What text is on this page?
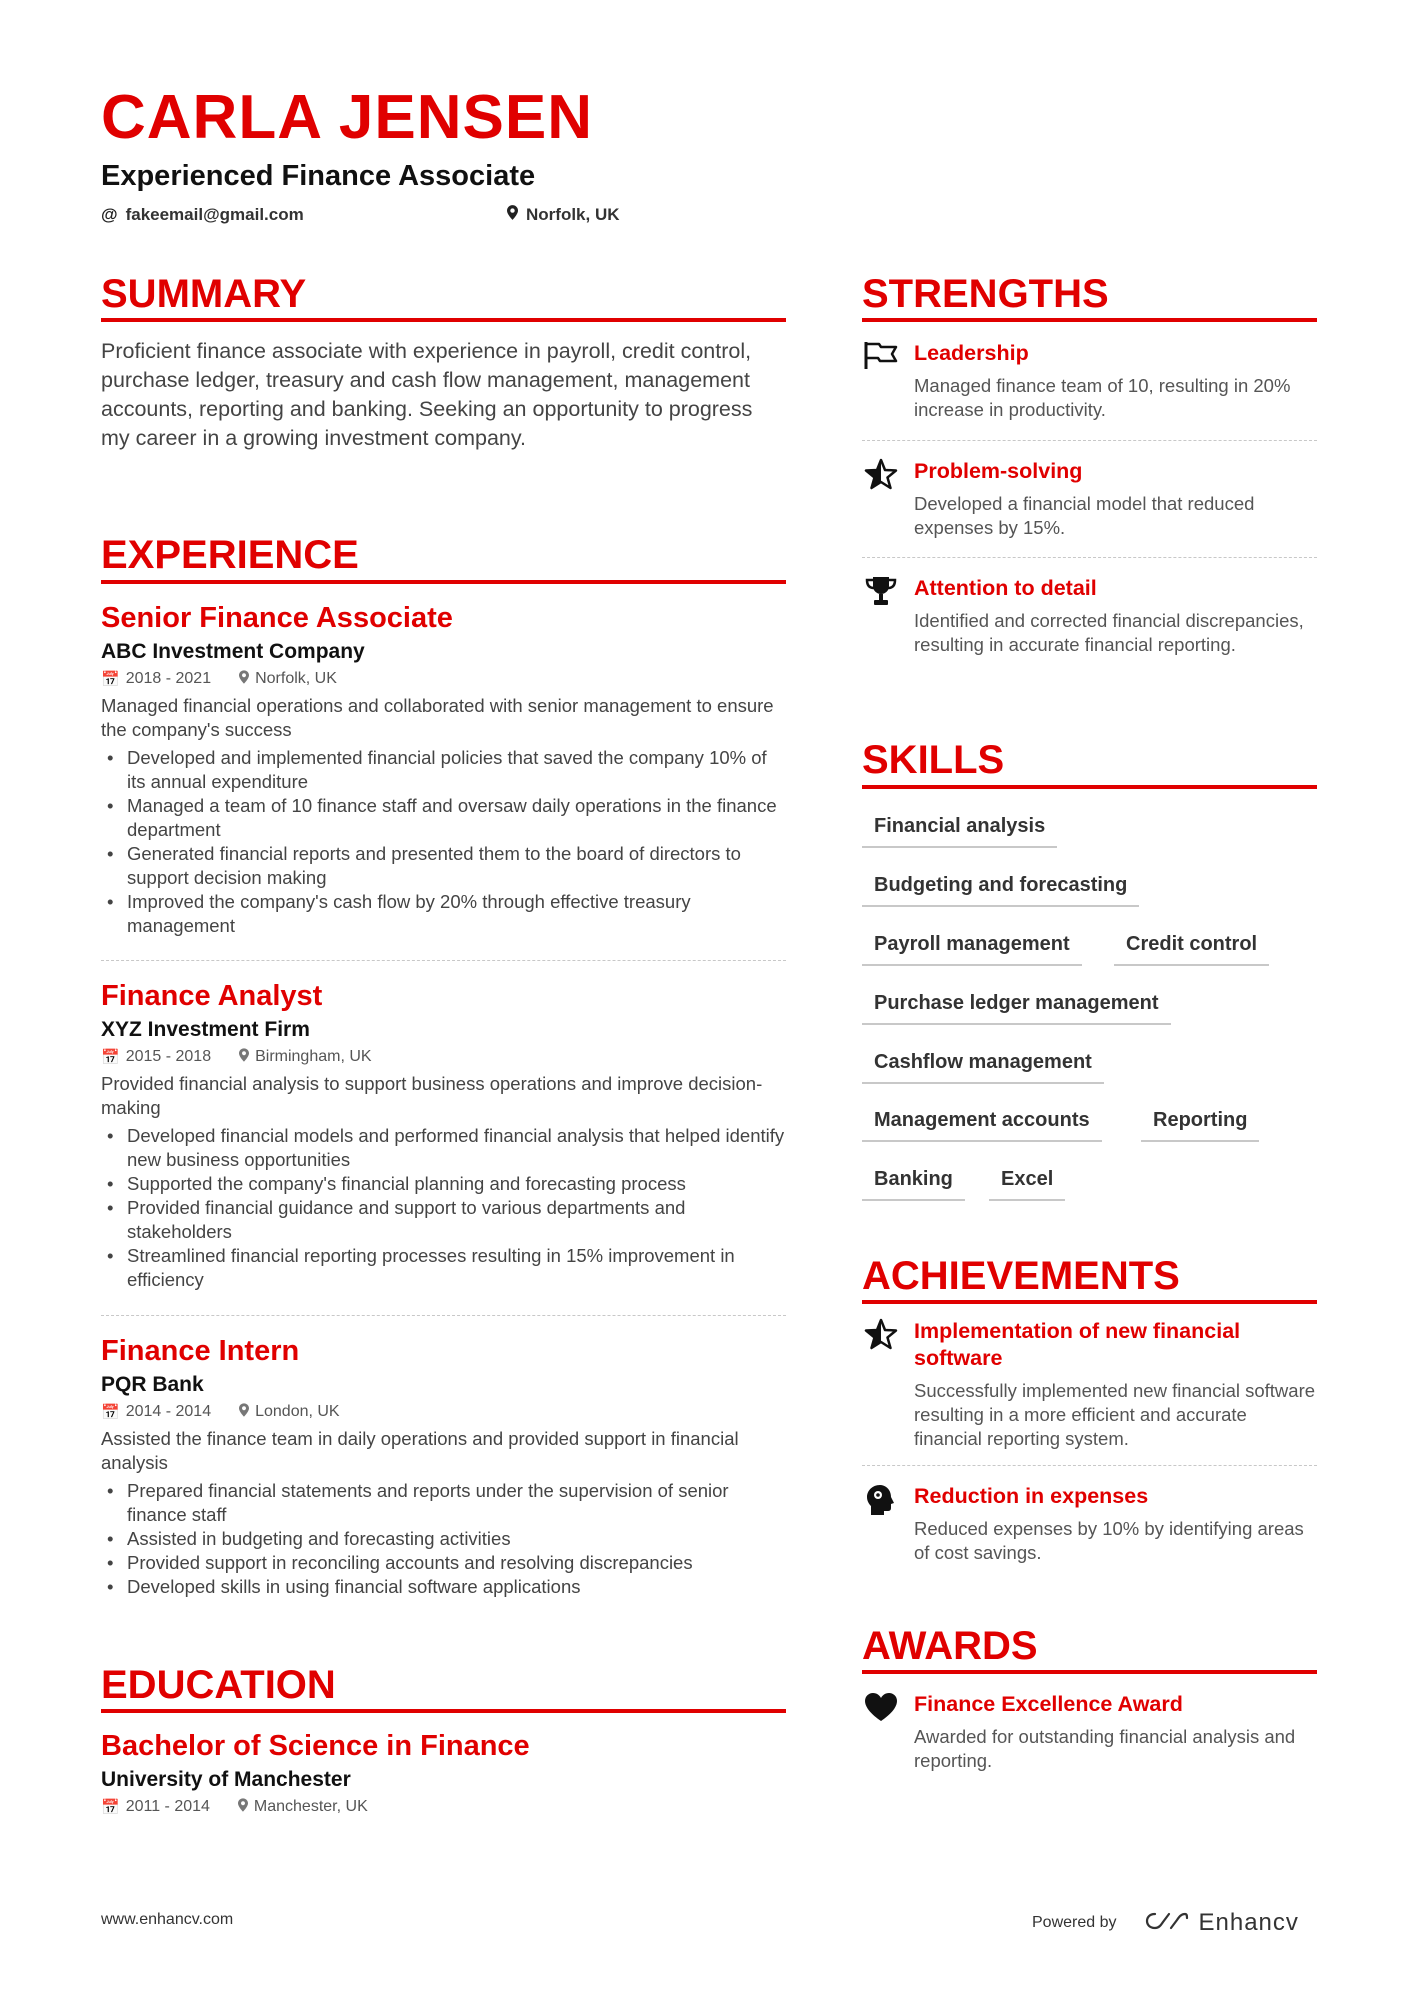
CARLA JENSEN
Experienced Finance Associate
@ fakeemail@gmail.com	Norfolk, UK
SUMMARY

Proficient finance associate with experience in payroll, credit control, purchase ledger, treasury and cash flow management, management accounts, reporting and banking. Seeking an opportunity to progress my career in a growing investment company.

EXPERIENCE
Senior Finance Associate

ABC Investment Company

📅 2018 - 2021	Norfolk, UK

Managed financial operations and collaborated with senior management to ensure the company's success

• Developed and implemented financial policies that saved the company 10% of its annual expenditure
• Managed a team of 10 finance staff and oversaw daily operations in the finance department
• Generated financial reports and presented them to the board of directors to support decision making
• Improved the company's cash flow by 20% through effective treasury management
Finance Analyst

XYZ Investment Firm

📅 2015 - 2018	Birmingham, UK

Provided financial analysis to support business operations and improve decision-making

• Developed financial models and performed financial analysis that helped identify new business opportunities
• Supported the company's financial planning and forecasting process
• Provided financial guidance and support to various departments and stakeholders
• Streamlined financial reporting processes resulting in 15% improvement in efficiency
Finance Intern

PQR Bank

📅 2014 - 2014	London, UK

Assisted the finance team in daily operations and provided support in financial analysis

• Prepared financial statements and reports under the supervision of senior finance staff
• Assisted in budgeting and forecasting activities
• Provided support in reconciling accounts and resolving discrepancies
• Developed skills in using financial software applications
EDUCATION
Bachelor of Science in Finance

University of Manchester

📅 2011 - 2014	Manchester, UK
STRENGTHS

Leadership

Managed finance team of 10, resulting in 20% increase in productivity.

Problem-solving

Developed a financial model that reduced expenses by 15%.

Attention to detail

Identified and corrected financial discrepancies, resulting in accurate financial reporting.

SKILLS
Financial analysis
Budgeting and forecasting
Payroll management	Credit control
Purchase ledger management
Cashflow management
Management accounts	Reporting
Banking	Excel
ACHIEVEMENTS

Implementation of new financial software

Successfully implemented new financial software resulting in a more efficient and accurate financial reporting system.

Reduction in expenses

Reduced expenses by 10% by identifying areas of cost savings.

AWARDS

Finance Excellence Award

Awarded for outstanding financial analysis and reporting.

www.enhancv.com	Powered by	Enhancv
